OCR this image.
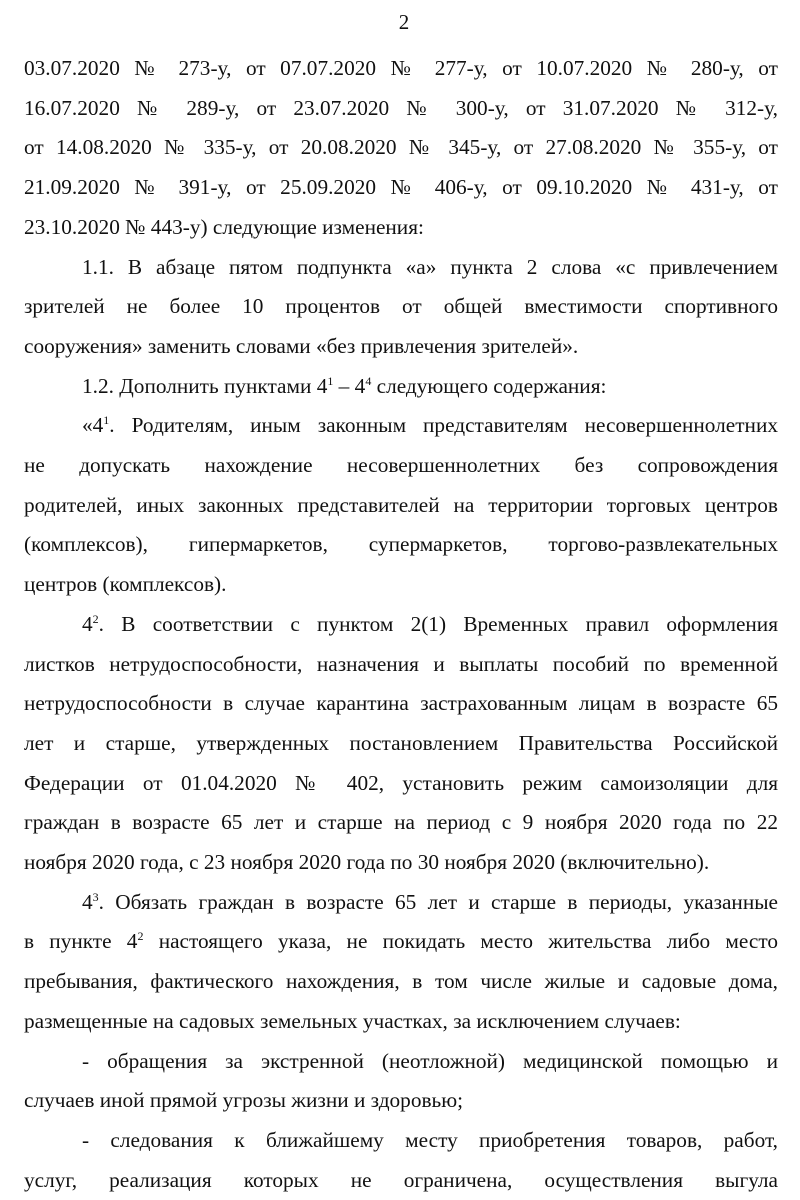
2
03.07.2020 № 273-у, от 07.07.2020 № 277-у, от 10.07.2020 № 280-у, от
16.07.2020 № 289-у, от 23.07.2020 № 300-у, от 31.07.2020 № 312-у,
от 14.08.2020 № 335-у, от 20.08.2020 № 345-у, от 27.08.2020 № 355-у, от
21.09.2020 № 391-у, от 25.09.2020 № 406-у, от 09.10.2020 № 431-у, от
23.10.2020 № 443-у) следующие изменения:
1.1. В абзаце пятом подпункта «а» пункта 2 слова «с привлечением
зрителей не более 10 процентов от общей вместимости спортивного
сооружения» заменить словами «без привлечения зрителей».
1.2. Дополнить пунктами $4^1 - 4^4$ следующего содержания:
«$4^1$. Родителям, иным законным представителям несовершеннолетних
не допускать нахождение несовершеннолетних без сопровождения
родителей, иных законных представителей на территории торговых центров
(комплексов), гипермаркетов, супермаркетов, торгово-развлекательных
центров (комплексов).
$4^2$. В соответствии с пунктом 2(1) Временных правил оформления
листков нетрудоспособности, назначения и выплаты пособий по временной
нетрудоспособности в случае карантина застрахованным лицам в возрасте 65
лет и старше, утвержденных постановлением Правительства Российской
Федерации от 01.04.2020 № 402, установить режим самоизоляции для
граждан в возрасте 65 лет и старше на период с 9 ноября 2020 года по 22
ноября 2020 года, с 23 ноября 2020 года по 30 ноября 2020 (включительно).
$4^3$. Обязать граждан в возрасте 65 лет и старше в периоды, указанные
в пункте $4^2$ настоящего указа, не покидать место жительства либо место
пребывания, фактического нахождения, в том числе жилые и садовые дома,
размещенные на садовых земельных участках, за исключением случаев:
- обращения за экстренной (неотложной) медицинской помощью и
случаев иной прямой угрозы жизни и здоровью;
- следования к ближайшему месту приобретения товаров, работ,
услуг, реализация которых не ограничена, осуществления выгула
